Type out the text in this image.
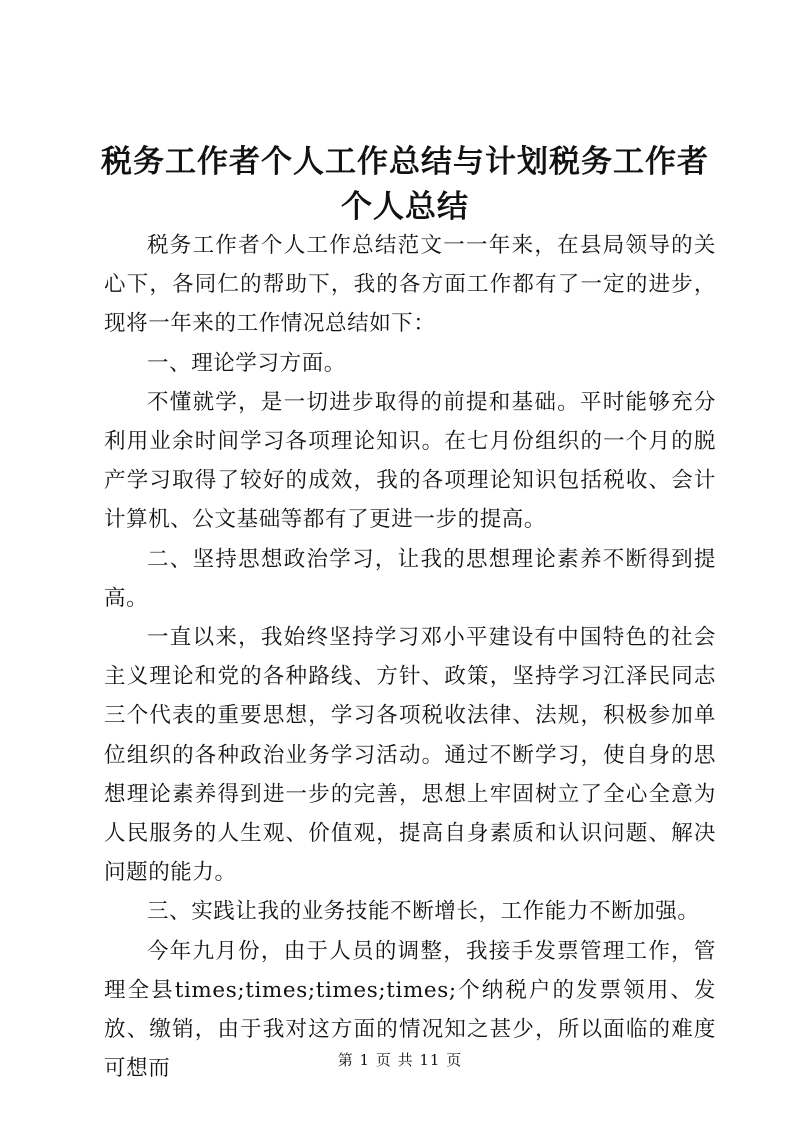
税务工作者个人工作总结与计划税务工作者个人总结

税务工作者个人工作总结范文一一年来，在县局领导的关心下，各同仁的帮助下，我的各方面工作都有了一定的进步，现将一年来的工作情况总结如下：

一、理论学习方面。

不懂就学，是一切进步取得的前提和基础。平时能够充分利用业余时间学习各项理论知识。在七月份组织的一个月的脱产学习取得了较好的成效，我的各项理论知识包括税收、会计计算机、公文基础等都有了更进一步的提高。

二、坚持思想政治学习，让我的思想理论素养不断得到提高。

一直以来，我始终坚持学习邓小平建设有中国特色的社会主义理论和党的各种路线、方针、政策，坚持学习江泽民同志三个代表的重要思想，学习各项税收法律、法规，积极参加单位组织的各种政治业务学习活动。通过不断学习，使自身的思想理论素养得到进一步的完善，思想上牢固树立了全心全意为人民服务的人生观、价值观，提高自身素质和认识问题、解决问题的能力。

三、实践让我的业务技能不断增长，工作能力不断加强。

今年九月份，由于人员的调整，我接手发票管理工作，管理全县times;times;times;times;个纳税户的发票领用、发放、缴销，由于我对这方面的情况知之甚少，所以面临的难度可想而	第 1 页 共 11 页
